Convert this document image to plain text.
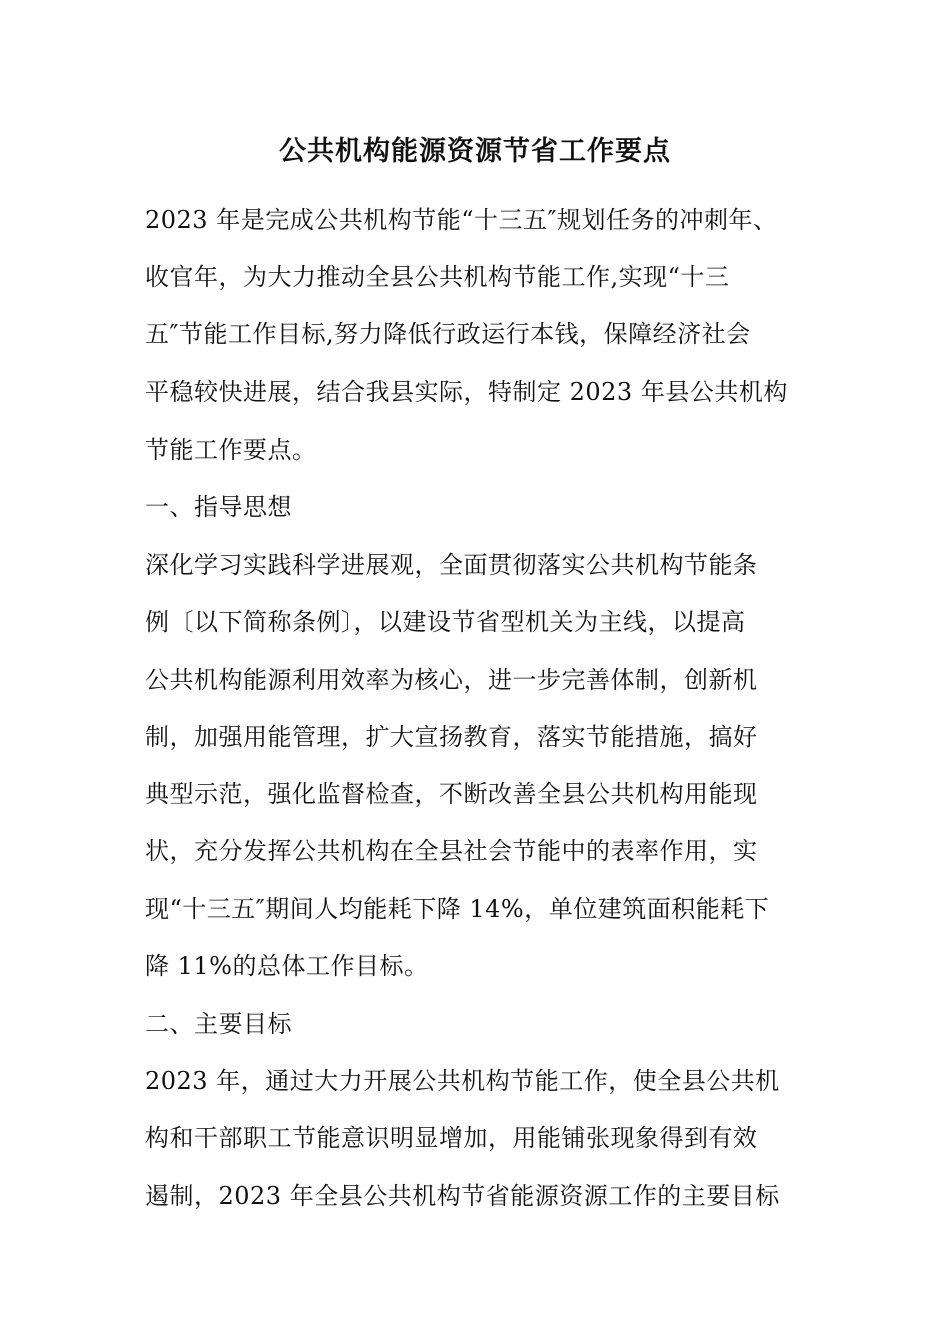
公共机构能源资源节省工作要点
2023 年是完成公共机构节能“十三五″规划任务的冲刺年、
收官年，为大力推动全县公共机构节能工作,实现“十三
五″节能工作目标,努力降低行政运行本钱，保障经济社会
平稳较快进展，结合我县实际，特制定 2023 年县公共机构
节能工作要点。
一、指导思想
深化学习实践科学进展观，全面贯彻落实公共机构节能条
例〔以下简称条例〕，以建设节省型机关为主线，以提高
公共机构能源利用效率为核心，进一步完善体制，创新机
制，加强用能管理，扩大宣扬教育，落实节能措施，搞好
典型示范，强化监督检查，不断改善全县公共机构用能现
状，充分发挥公共机构在全县社会节能中的表率作用，实
现“十三五″期间人均能耗下降 14%，单位建筑面积能耗下
降 11%的总体工作目标。
二、主要目标
2023 年，通过大力开展公共机构节能工作，使全县公共机
构和干部职工节能意识明显增加，用能铺张现象得到有效
遏制，2023 年全县公共机构节省能源资源工作的主要目标
